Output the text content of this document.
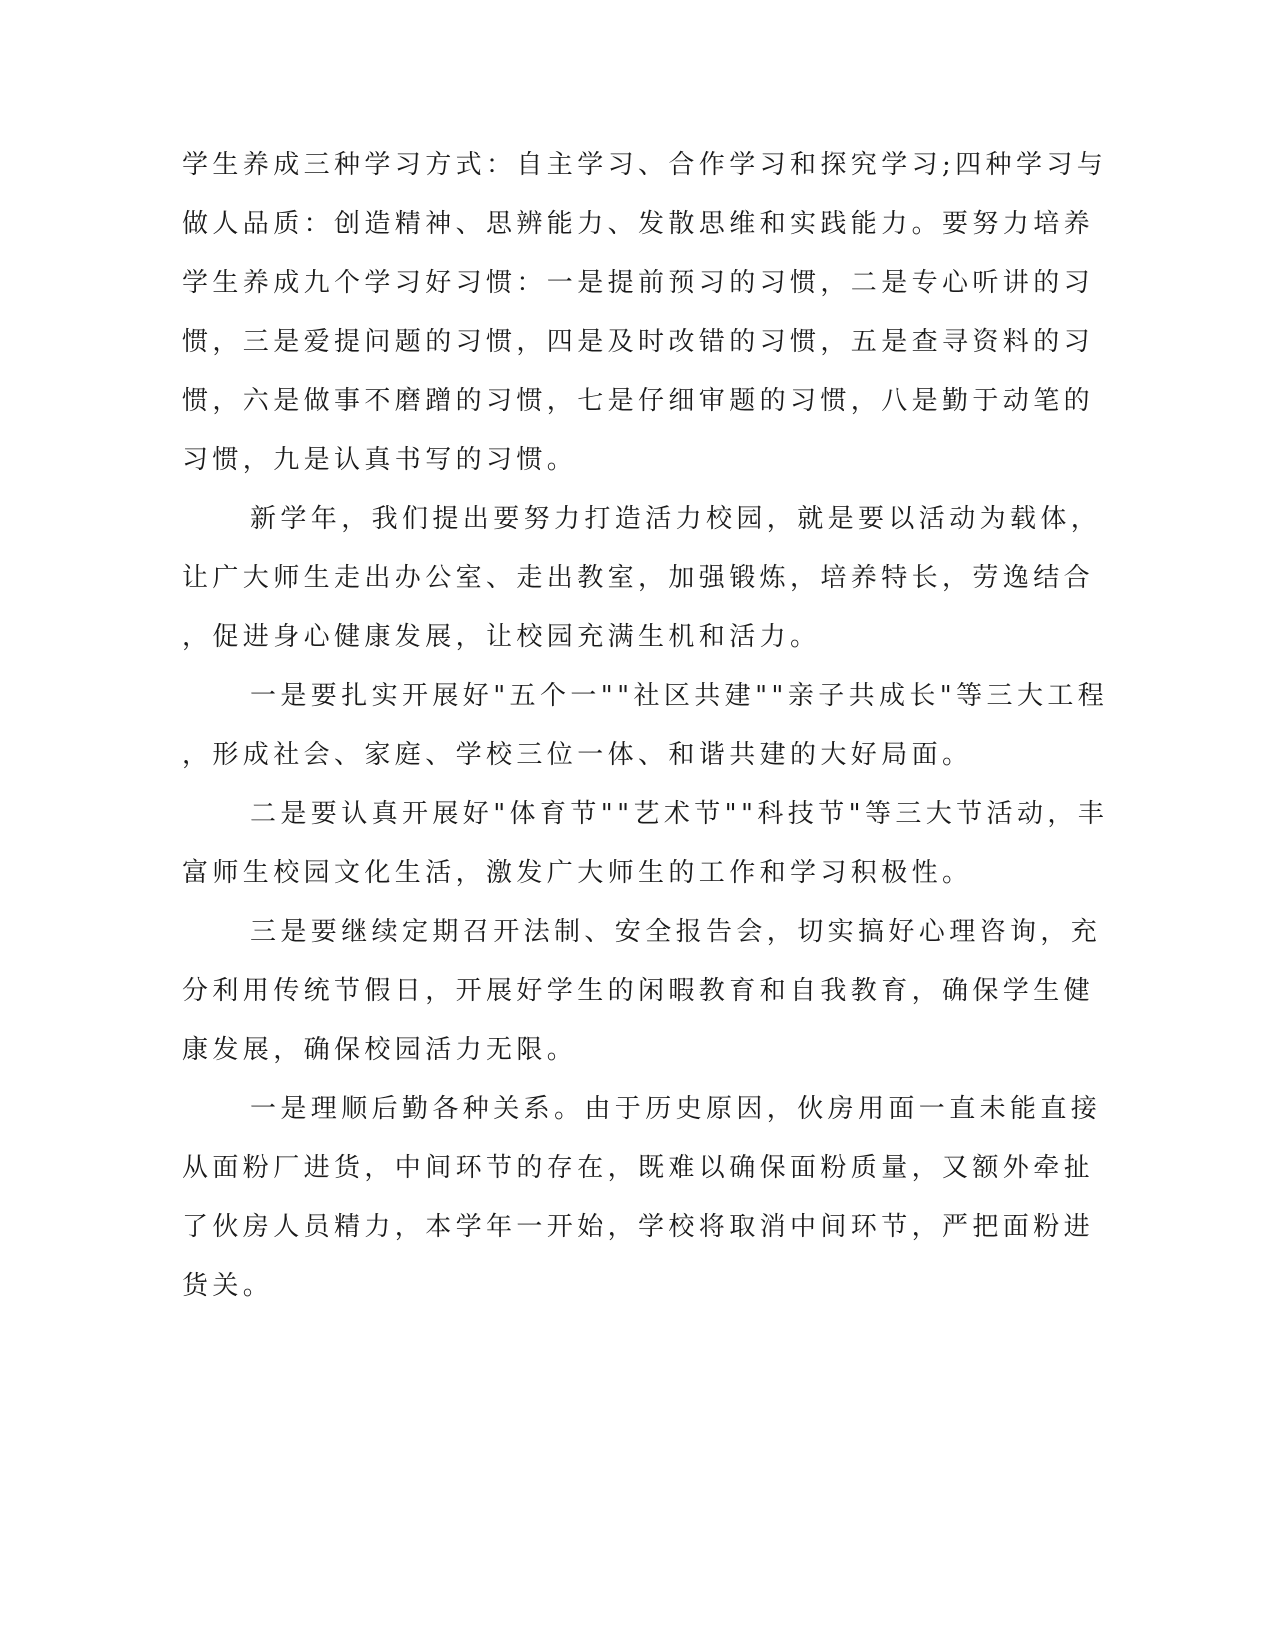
学生养成三种学习方式：自主学习、合作学习和探究学习;四种学习与
做人品质：创造精神、思辨能力、发散思维和实践能力。要努力培养
学生养成九个学习好习惯：一是提前预习的习惯，二是专心听讲的习
惯，三是爱提问题的习惯，四是及时改错的习惯，五是查寻资料的习
惯，六是做事不磨蹭的习惯，七是仔细审题的习惯，八是勤于动笔的
习惯，九是认真书写的习惯。
新学年，我们提出要努力打造活力校园，就是要以活动为载体，
让广大师生走出办公室、走出教室，加强锻炼，培养特长，劳逸结合
，促进身心健康发展，让校园充满生机和活力。
一是要扎实开展好"五个一""社区共建""亲子共成长"等三大工程
，形成社会、家庭、学校三位一体、和谐共建的大好局面。
二是要认真开展好"体育节""艺术节""科技节"等三大节活动，丰
富师生校园文化生活，激发广大师生的工作和学习积极性。
三是要继续定期召开法制、安全报告会，切实搞好心理咨询，充
分利用传统节假日，开展好学生的闲暇教育和自我教育，确保学生健
康发展，确保校园活力无限。
一是理顺后勤各种关系。由于历史原因，伙房用面一直未能直接
从面粉厂进货，中间环节的存在，既难以确保面粉质量，又额外牵扯
了伙房人员精力，本学年一开始，学校将取消中间环节，严把面粉进
货关。
